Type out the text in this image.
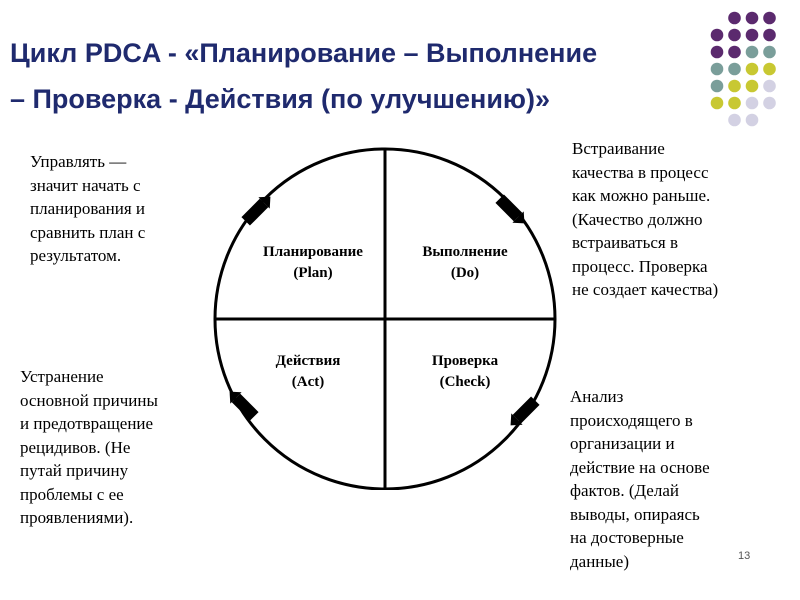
Цикл PDCA - «Планирование – Выполнение
– Проверка - Действия (по улучшению)»
Управлять —
значит начать с
планирования и
сравнить план с
результатом.
Встраивание
качества в процесс
как можно раньше.
(Качество должно
встраиваться в
процесс. Проверка
не создает качества)
Устранение
основной причины
и предотвращение
рецидивов. (Не
путай причину
проблемы с ее
проявлениями).
Анализ
происходящего в
организации и
действие на основе
фактов. (Делай
выводы, опираясь
на достоверные
данные)
Планирование
(Plan)
Выполнение
(Do)
Действия
(Act)
Проверка
(Check)
13
